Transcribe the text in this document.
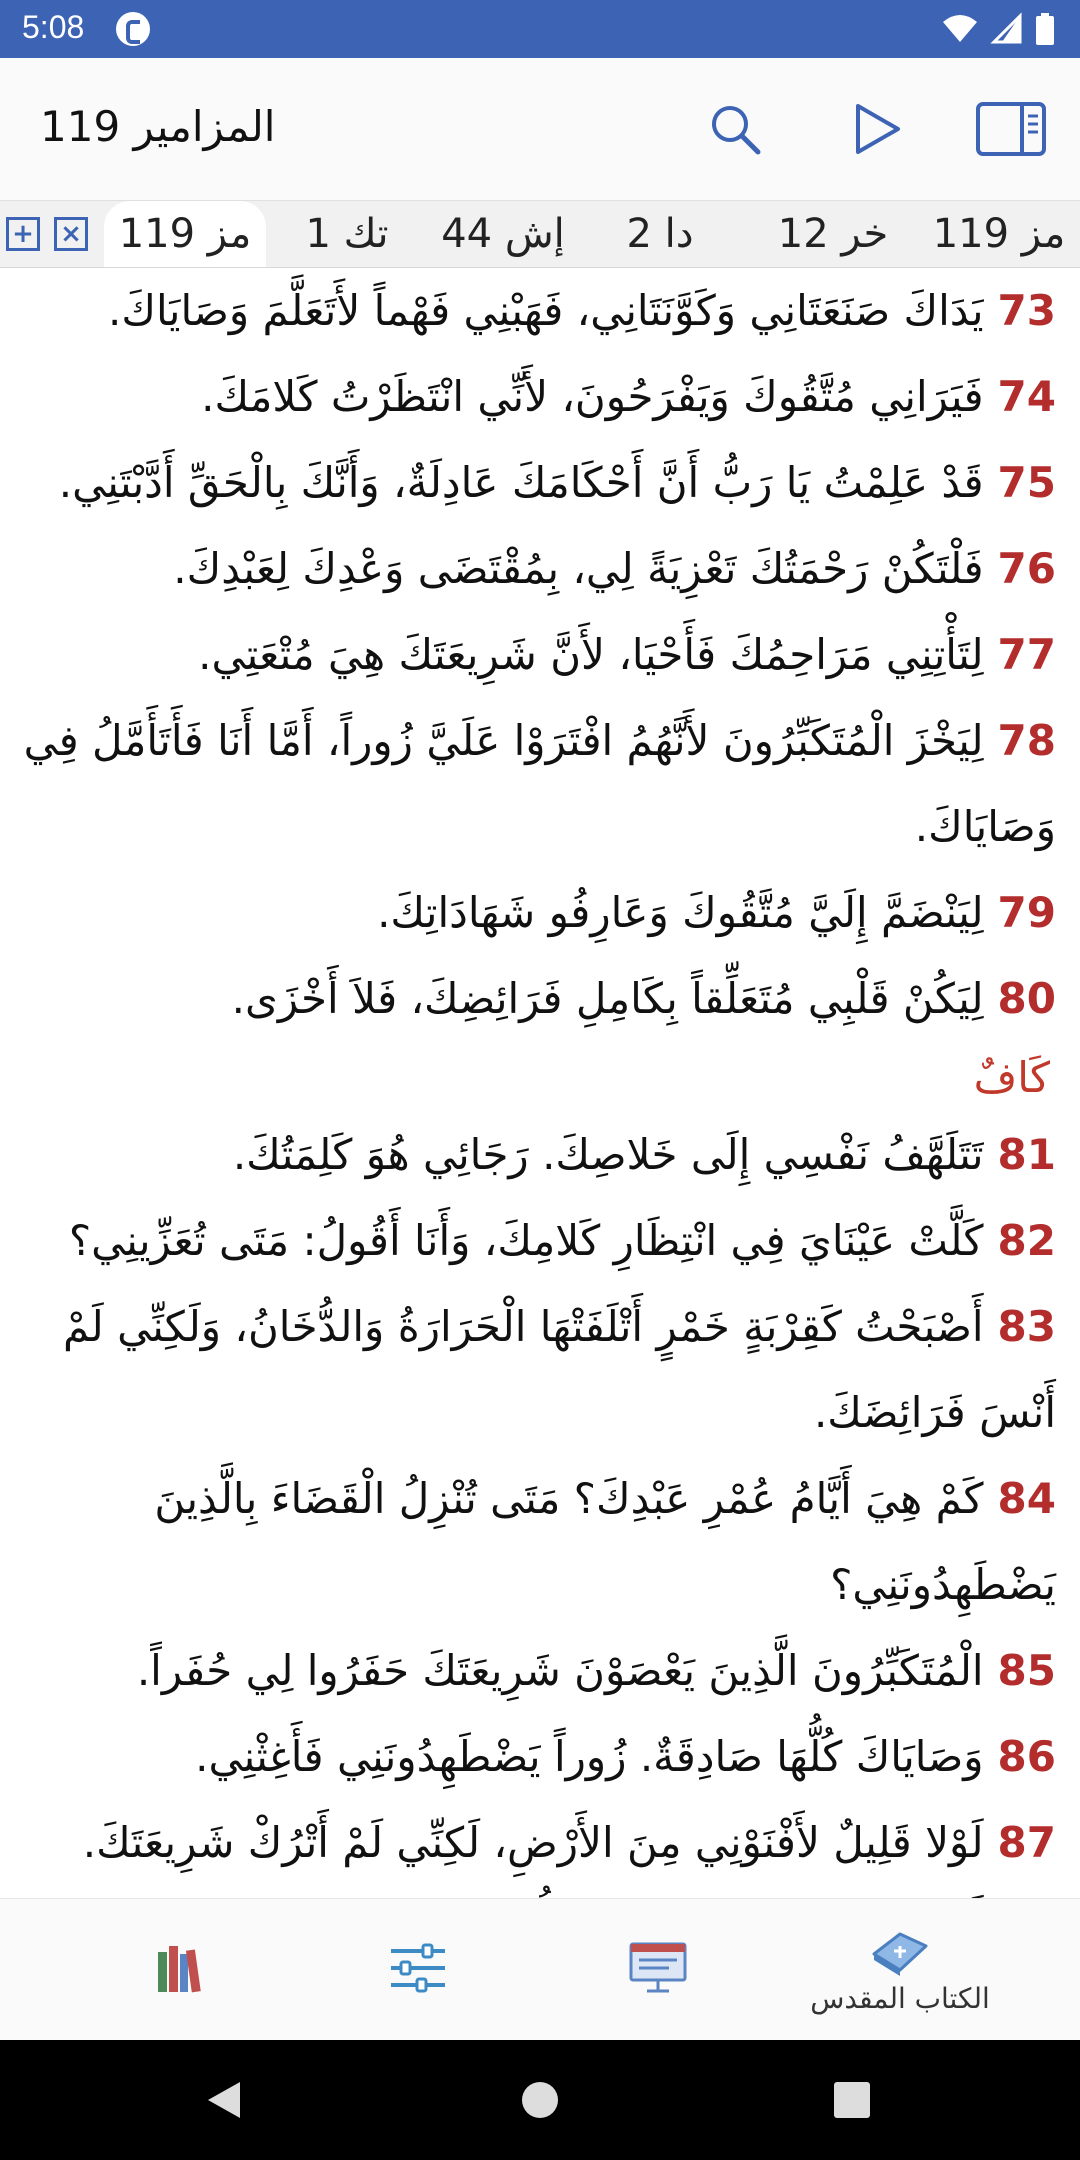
5:08
المزامير 119
+ × مز 119	تك 1	إش 44	دا 2	خر 12	مز 119
73يَدَاكَ صَنَعَتَانِي وَكَوَّنَتَانِي، فَهَبْنِي فَهْماً لأَتَعَلَّمَ وَصَايَاكَ.
74فَيَرَانِي مُتَّقُوكَ وَيَفْرَحُونَ، لأَنِّي انْتَظَرْتُ كَلامَكَ.
75قَدْ عَلِمْتُ يَا رَبُّ أَنَّ أَحْكَامَكَ عَادِلَةٌ، وَأَنَّكَ بِالْحَقِّ أَدَّبْتَنِي.
76فَلْتَكُنْ رَحْمَتُكَ تَعْزِيَةً لِي، بِمُقْتَضَى وَعْدِكَ لِعَبْدِكَ.
77لِتَأْتِنِي مَرَاحِمُكَ فَأَحْيَا، لأَنَّ شَرِيعَتَكَ هِيَ مُتْعَتِي.
78لِيَخْزَ الْمُتَكَبِّرُونَ لأَنَّهُمُ افْتَرَوْا عَلَيَّ زُوراً، أَمَّا أَنَا فَأَتَأَمَّلُ فِي وَصَايَاكَ.
79لِيَنْضَمَّ إِلَيَّ مُتَّقُوكَ وَعَارِفُو شَهَادَاتِكَ.
80لِيَكُنْ قَلْبِي مُتَعَلِّقاً بِكَامِلِ فَرَائِضِكَ، فَلاَ أَخْزَى.
كَافٌ
81تَتَلَهَّفُ نَفْسِي إِلَى خَلاصِكَ. رَجَائِي هُوَ كَلِمَتُكَ.
82كَلَّتْ عَيْنَايَ فِي انْتِظَارِ كَلامِكَ، وَأَنَا أَقُولُ: مَتَى تُعَزِّينِي؟
83أَصْبَحْتُ كَقِرْبَةٍ خَمْرٍ أَتْلَفَتْهَا الْحَرَارَةُ وَالدُّخَانُ، وَلَكِنِّي لَمْ أَنْسَ فَرَائِضَكَ.
84كَمْ هِيَ أَيَّامُ عُمْرِ عَبْدِكَ؟ مَتَى تُنْزِلُ الْقَضَاءَ بِالَّذِينَ يَضْطَهِدُونَنِي؟
85الْمُتَكَبِّرُونَ الَّذِينَ يَعْصَوْنَ شَرِيعَتَكَ حَفَرُوا لِي حُفَراً.
86وَصَايَاكَ كُلُّهَا صَادِقَةٌ. زُوراً يَضْطَهِدُونَنِي فَأَغِثْنِي.
87لَوْلا قَلِيلٌ لأَفْنَوْنِي مِنَ الأَرْضِ، لَكِنِّي لَمْ أَتْرُكْ شَرِيعَتَكَ.
الكتاب المقدس
